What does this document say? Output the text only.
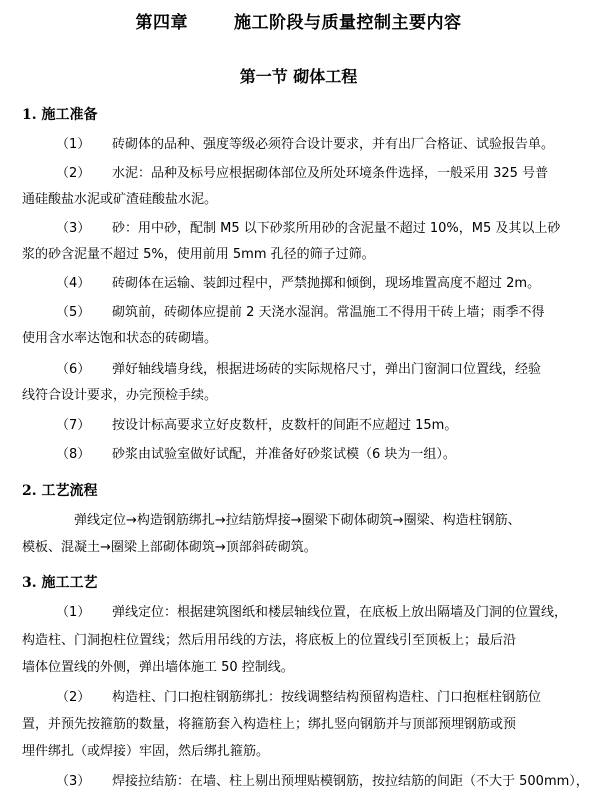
第四章	施工阶段与质量控制主要内容
第一节 砌体工程
1. 施工准备
（1） 砖砌体的品种、强度等级必须符合设计要求，并有出厂合格证、试验报告单。
（2） 水泥：品种及标号应根据砌体部位及所处环境条件选择，一般采用 325 号普
通硅酸盐水泥或矿渣硅酸盐水泥。
（3） 砂：用中砂，配制 M5 以下砂浆所用砂的含泥量不超过 10%，M5 及其以上砂
浆的砂含泥量不超过 5%，使用前用 5mm 孔径的筛子过筛。
（4） 砖砌体在运输、装卸过程中，严禁抛掷和倾倒，现场堆置高度不超过 2m。
（5） 砌筑前，砖砌体应提前 2 天浇水湿润。常温施工不得用干砖上墙；雨季不得
使用含水率达饱和状态的砖砌墙。
（6） 弹好轴线墙身线，根据进场砖的实际规格尺寸，弹出门窗洞口位置线，经验
线符合设计要求，办完预检手续。
（7） 按设计标高要求立好皮数杆，皮数杆的间距不应超过 15m。
（8） 砂浆由试验室做好试配，并准备好砂浆试模（6 块为一组）。
2. 工艺流程
弹线定位→构造钢筋绑扎→拉结筋焊接→圈梁下砌体砌筑→圈梁、构造柱钢筋、
模板、混凝土→圈梁上部砌体砌筑→顶部斜砖砌筑。
3. 施工工艺
（1） 弹线定位：根据建筑图纸和楼层轴线位置，在底板上放出隔墙及门洞的位置线，
构造柱、门洞抱柱位置线；然后用吊线的方法，将底板上的位置线引至顶板上；最后沿
墙体位置线的外侧，弹出墙体施工 50 控制线。
（2） 构造柱、门口抱柱钢筋绑扎：按线调整结构预留构造柱、门口抱框柱钢筋位
置，并预先按箍筋的数量，将箍筋套入构造柱上；绑扎竖向钢筋并与顶部预埋钢筋或预
埋件绑扎（或焊接）牢固，然后绑扎箍筋。
（3） 焊接拉结筋：在墙、柱上剔出预埋贴模钢筋，按拉结筋的间距（不大于 500mm），
